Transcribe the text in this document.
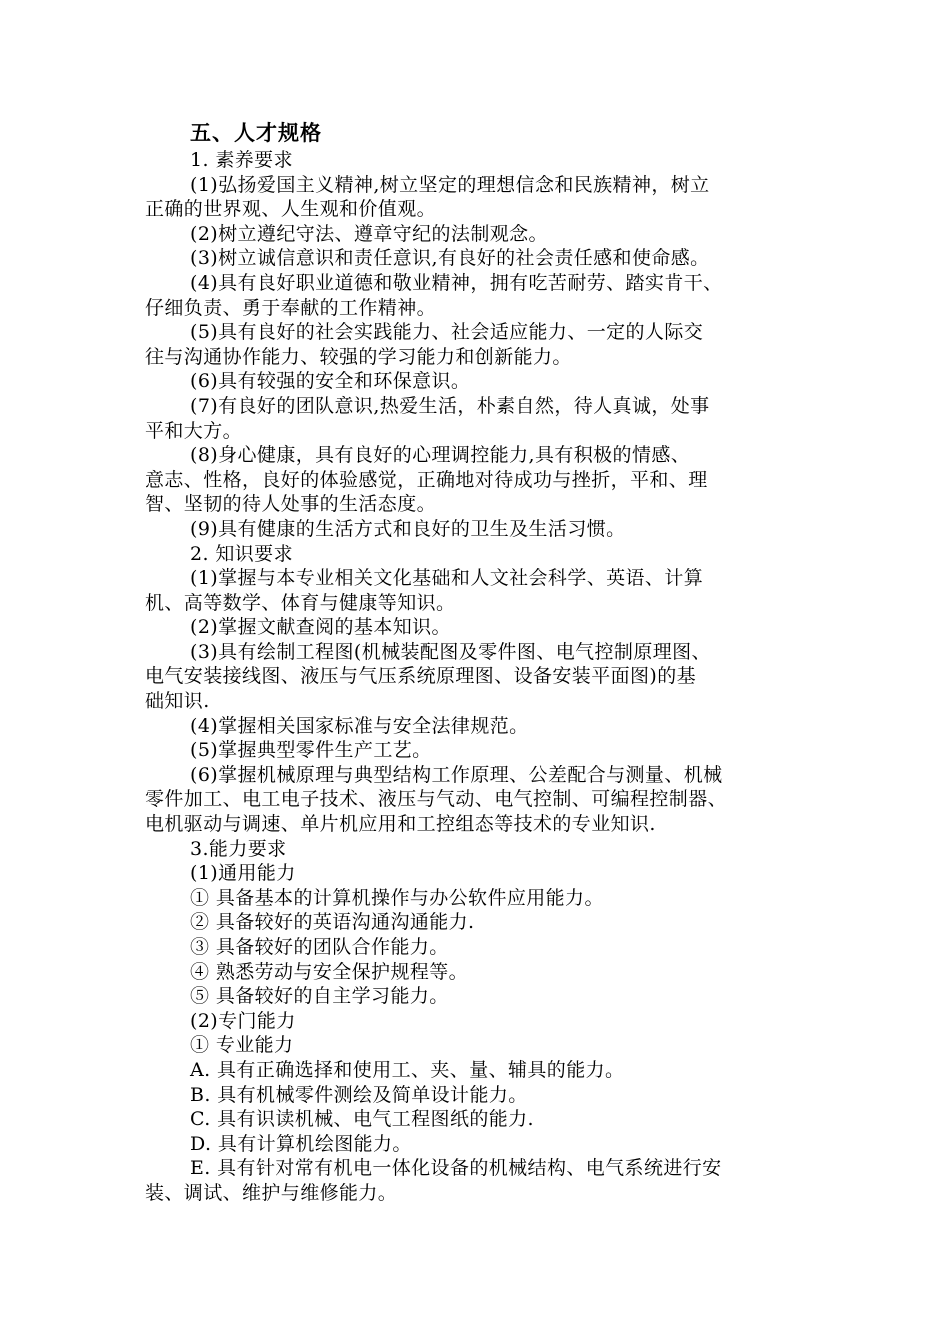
五、人才规格
1. 素养要求
(1)弘扬爱国主义精神,树立坚定的理想信念和民族精神，树立
正确的世界观、人生观和价值观。
(2)树立遵纪守法、遵章守纪的法制观念。
(3)树立诚信意识和责任意识,有良好的社会责任感和使命感。
(4)具有良好职业道德和敬业精神，拥有吃苦耐劳、踏实肯干、
仔细负责、勇于奉献的工作精神。
(5)具有良好的社会实践能力、社会适应能力、一定的人际交
往与沟通协作能力、较强的学习能力和创新能力。
(6)具有较强的安全和环保意识。
(7)有良好的团队意识,热爱生活，朴素自然，待人真诚，处事
平和大方。
(8)身心健康，具有良好的心理调控能力,具有积极的情感、
意志、性格，良好的体验感觉，正确地对待成功与挫折，平和、理
智、坚韧的待人处事的生活态度。
(9)具有健康的生活方式和良好的卫生及生活习惯。
2. 知识要求
(1)掌握与本专业相关文化基础和人文社会科学、英语、计算
机、高等数学、体育与健康等知识。
(2)掌握文献查阅的基本知识。
(3)具有绘制工程图(机械装配图及零件图、电气控制原理图、
电气安装接线图、液压与气压系统原理图、设备安装平面图)的基
础知识.
(4)掌握相关国家标准与安全法律规范。
(5)掌握典型零件生产工艺。
(6)掌握机械原理与典型结构工作原理、公差配合与测量、机械
零件加工、电工电子技术、液压与气动、电气控制、可编程控制器、
电机驱动与调速、单片机应用和工控组态等技术的专业知识.
3.能力要求
(1)通用能力
① 具备基本的计算机操作与办公软件应用能力。
② 具备较好的英语沟通沟通能力.
③ 具备较好的团队合作能力。
④ 熟悉劳动与安全保护规程等。
⑤ 具备较好的自主学习能力。
(2)专门能力
① 专业能力
A. 具有正确选择和使用工、夹、量、辅具的能力。
B. 具有机械零件测绘及简单设计能力。
C. 具有识读机械、电气工程图纸的能力.
D. 具有计算机绘图能力。
E. 具有针对常有机电一体化设备的机械结构、电气系统进行安
装、调试、维护与维修能力。
